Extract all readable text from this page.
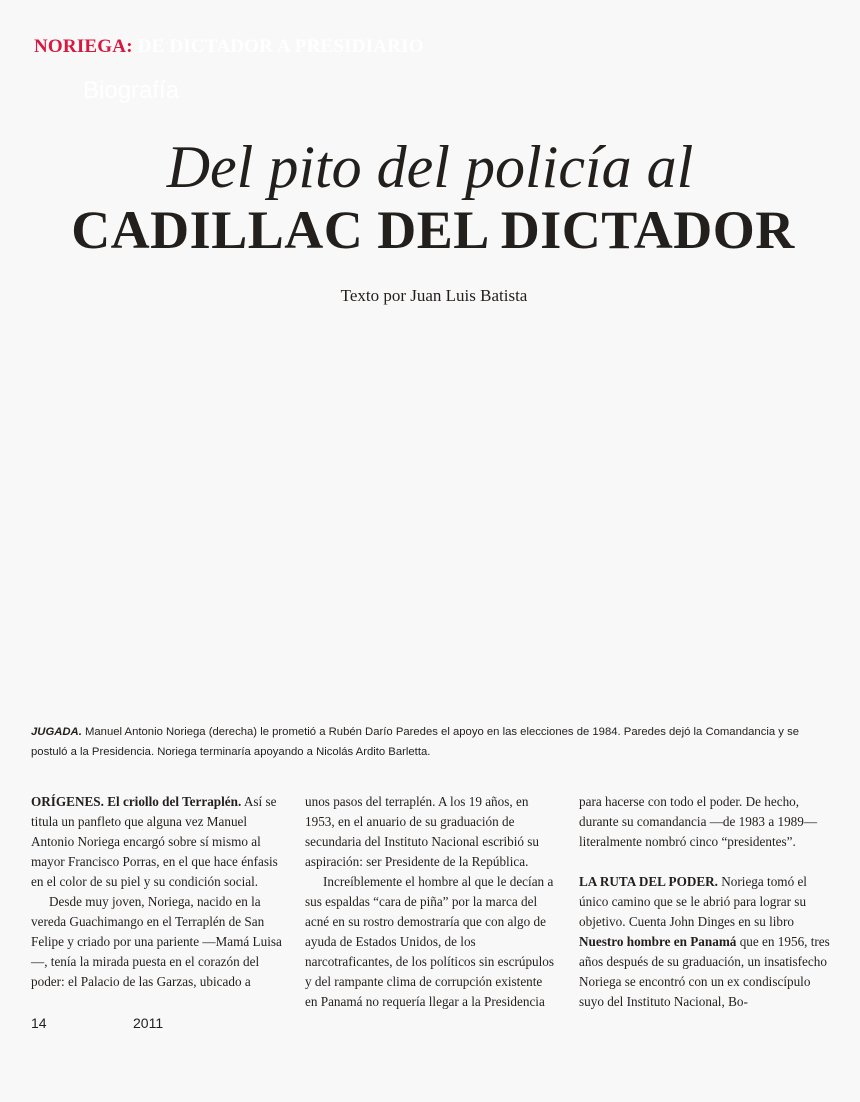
NORIEGA: DE DICTADOR A PRESIDIARIO
Biografía
Del pito del policía al
CADILLAC DEL DICTADOR
Texto por Juan Luis Batista
JUGADA. Manuel Antonio Noriega (derecha) le prometió a Rubén Darío Paredes el apoyo en las elecciones de 1984. Paredes dejó la Comandancia y se postuló a la Presidencia. Noriega terminaría apoyando a Nicolás Ardito Barletta.

ORÍGENES. El criollo del Terraplén. Así se titula un panfleto que alguna vez Manuel Antonio Noriega encargó sobre sí mismo al mayor Francisco Porras, en el que hace énfasis en el color de su piel y su condición social.

Desde muy joven, Noriega, nacido en la vereda Guachimango en el Terraplén de San Felipe y criado por una pariente —Mamá Luisa—, tenía la mirada puesta en el corazón del poder: el Palacio de las Garzas, ubicado a

unos pasos del terraplén. A los 19 años, en 1953, en el anuario de su graduación de secundaria del Instituto Nacional escribió su aspiración: ser Presidente de la República.

Increíblemente el hombre al que le decían a sus espaldas “cara de piña” por la marca del acné en su rostro demostraría que con algo de ayuda de Estados Unidos, de los narcotraficantes, de los políticos sin escrúpulos y del rampante clima de corrupción existente en Panamá no requería llegar a la Presidencia

para hacerse con todo el poder. De hecho, durante su comandancia —de 1983 a 1989— literalmente nombró cinco “presidentes”.

LA RUTA DEL PODER. Noriega tomó el único camino que se le abrió para lograr su objetivo. Cuenta John Dinges en su libro Nuestro hombre en Panamá que en 1956, tres años después de su graduación, un insatisfecho Noriega se encontró con un ex condiscípulo suyo del Instituto Nacional, Bo-

14	2011
